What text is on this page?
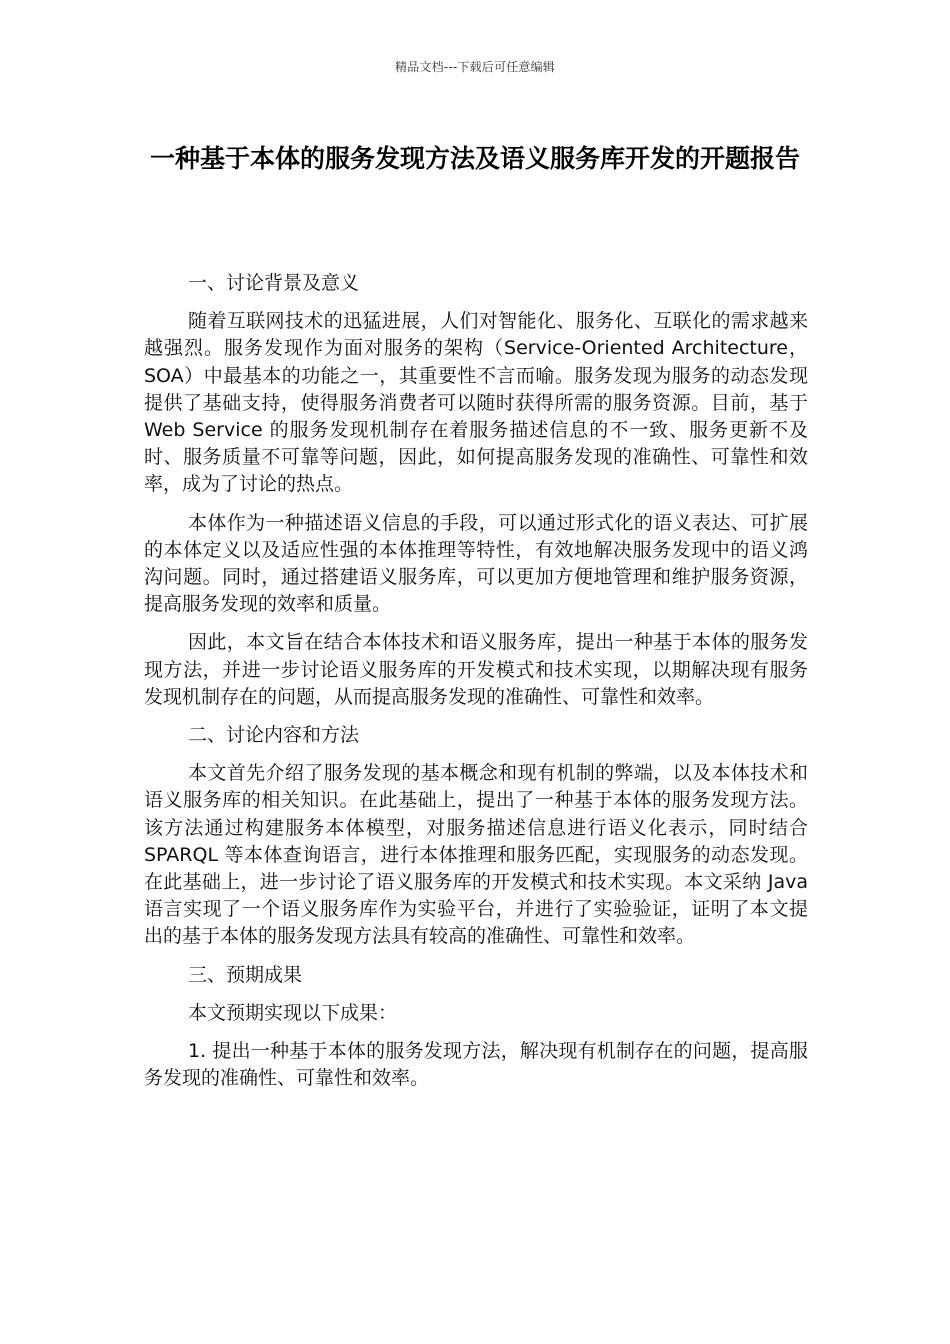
精品文档---下载后可任意编辑
一种基于本体的服务发现方法及语义服务库开发的开题报告

一、讨论背景及意义

随着互联网技术的迅猛进展，人们对智能化、服务化、互联化的需求越来越强烈。服务发现作为面对服务的架构（Service-Oriented Architecture，SOA）中最基本的功能之一，其重要性不言而喻。服务发现为服务的动态发现提供了基础支持，使得服务消费者可以随时获得所需的服务资源。目前，基于 Web Service 的服务发现机制存在着服务描述信息的不一致、服务更新不及时、服务质量不可靠等问题，因此，如何提高服务发现的准确性、可靠性和效率，成为了讨论的热点。

本体作为一种描述语义信息的手段，可以通过形式化的语义表达、可扩展的本体定义以及适应性强的本体推理等特性，有效地解决服务发现中的语义鸿沟问题。同时，通过搭建语义服务库，可以更加方便地管理和维护服务资源，提高服务发现的效率和质量。

因此，本文旨在结合本体技术和语义服务库，提出一种基于本体的服务发现方法，并进一步讨论语义服务库的开发模式和技术实现，以期解决现有服务发现机制存在的问题，从而提高服务发现的准确性、可靠性和效率。

二、讨论内容和方法

本文首先介绍了服务发现的基本概念和现有机制的弊端，以及本体技术和语义服务库的相关知识。在此基础上，提出了一种基于本体的服务发现方法。该方法通过构建服务本体模型，对服务描述信息进行语义化表示，同时结合 SPARQL 等本体查询语言，进行本体推理和服务匹配，实现服务的动态发现。在此基础上，进一步讨论了语义服务库的开发模式和技术实现。本文采纳 Java 语言实现了一个语义服务库作为实验平台，并进行了实验验证，证明了本文提出的基于本体的服务发现方法具有较高的准确性、可靠性和效率。

三、预期成果

本文预期实现以下成果：

1. 提出一种基于本体的服务发现方法，解决现有机制存在的问题，提高服务发现的准确性、可靠性和效率。
